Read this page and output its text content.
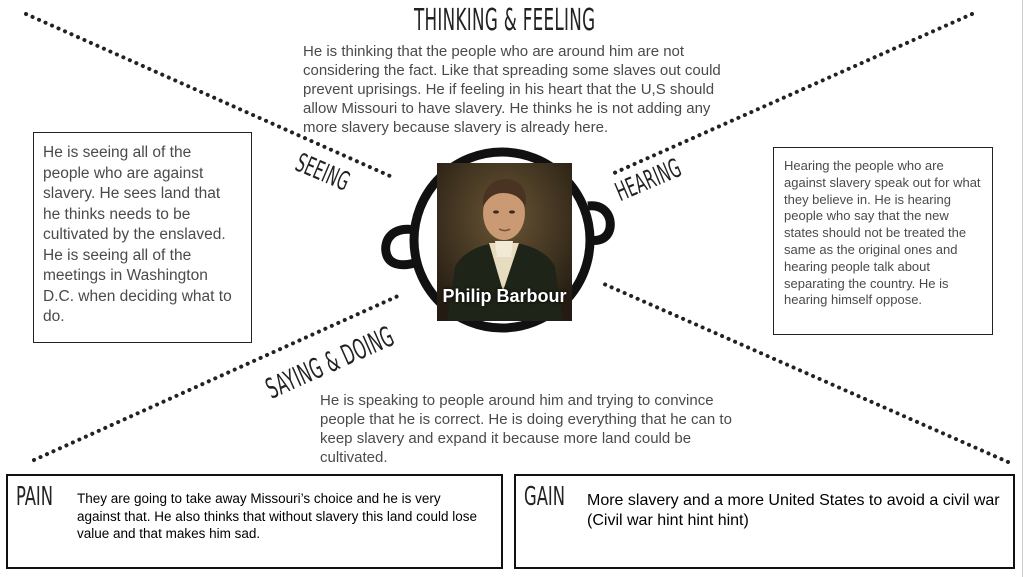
THINKING & FEELING
SEEING	HEARING
SAYING & DOING
He is thinking that the people who are around him are not considering the fact. Like that spreading some slaves out could prevent uprisings. He if feeling in his heart that the U,S should allow Missouri to have slavery. He thinks he is not adding any more slavery because slavery is already here.
He is seeing all of the people who are against slavery. He sees land that he thinks needs to be cultivated by the enslaved. He is seeing all of the meetings in Washington D.C. when deciding what to do.
Hearing the people who are against slavery speak out for what they believe in. He is hearing people who say that the new states should not be treated the same as the original ones and hearing people talk about separating the country. He is hearing himself oppose.
Philip Barbour
He is speaking to people around him and trying to convince people that he is correct. He is doing everything that he can to keep slavery and expand it because more land could be cultivated.
PAIN They are going to take away Missouri’s choice and he is very against that. He also thinks that without slavery this land could lose value and that makes him sad.
GAIN More slavery and a more United States to avoid a civil war (Civil war hint hint hint)
